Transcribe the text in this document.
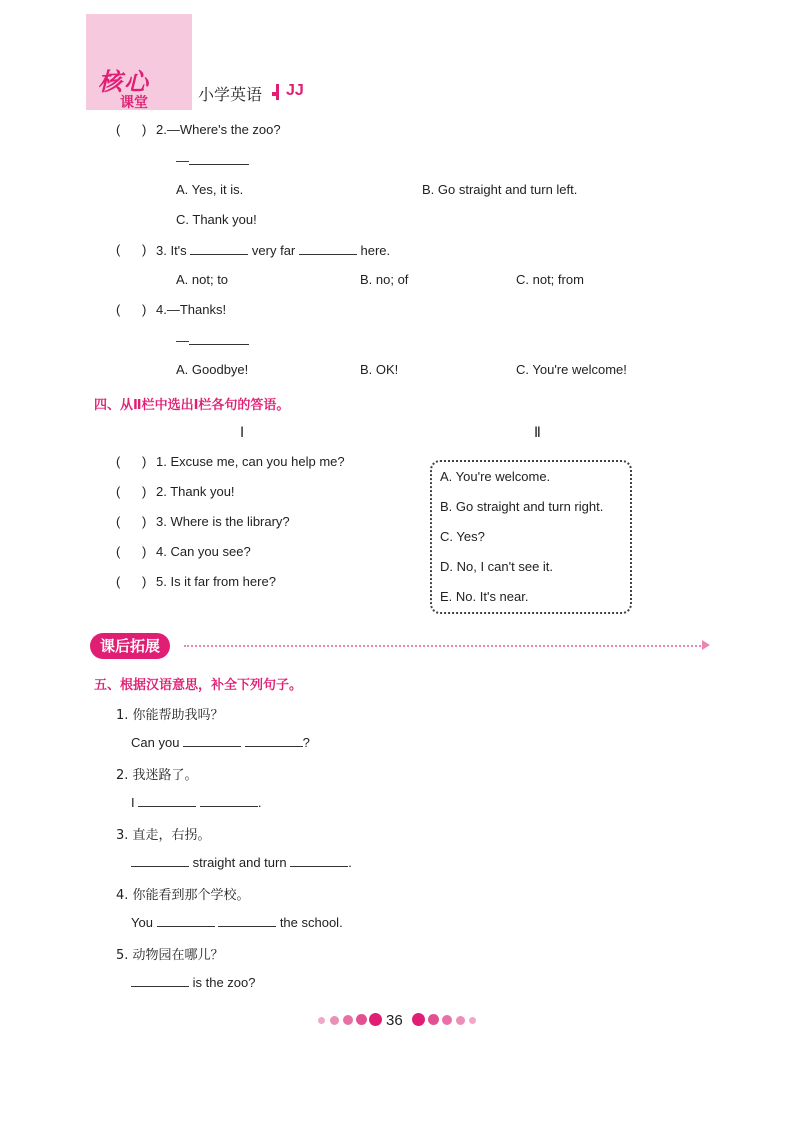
核心
课堂	小学英语 JJ
(      ) 2.—Where's the zoo?
—
A. Yes, it is.	B. Go straight and turn left.
C. Thank you!
(      ) 3. It's	very far	here.
A. not; to	B. no; of	C. not; from
(      ) 4.—Thanks!
—
A. Goodbye!	B. OK!	C. You're welcome!
四、从Ⅱ栏中选出Ⅰ栏各句的答语。
Ⅰ	Ⅱ
(      ) 1. Excuse me, can you help me?
(      ) 2. Thank you!
(      ) 3. Where is the library?
(      ) 4. Can you see?
(      ) 5. Is it far from here?
A. You're welcome.
B. Go straight and turn right.
C. Yes?
D. No, I can't see it.
E. No. It's near.
课后拓展
五、根据汉语意思，补全下列句子。
1. 你能帮助我吗？
Can you	?
2. 我迷路了。
I	.
3. 直走，右拐。
straight and turn	.
4. 你能看到那个学校。
You	the school.
5. 动物园在哪儿？
is the zoo?
36
